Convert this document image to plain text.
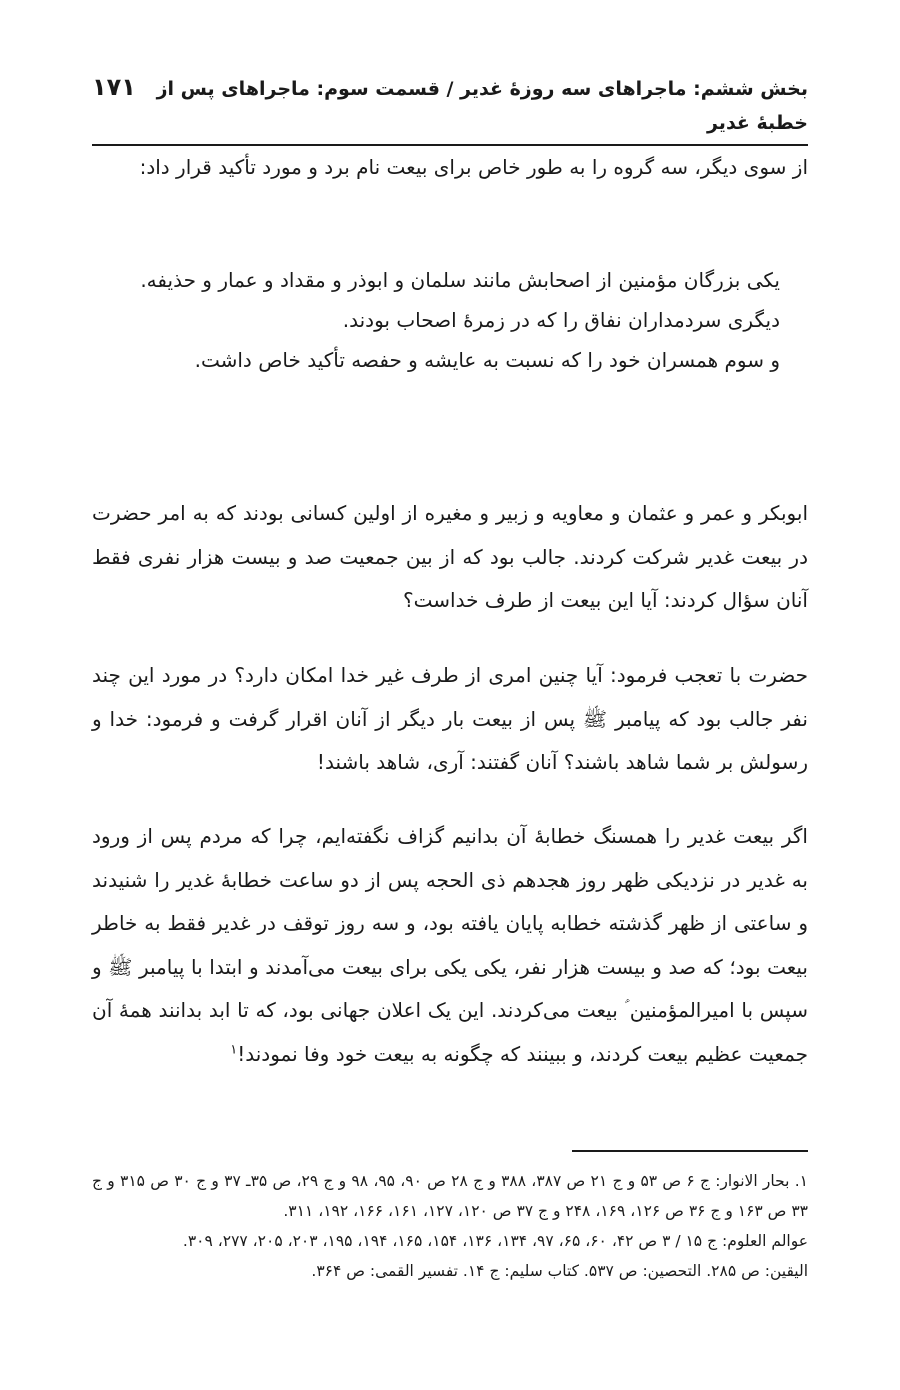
بخش ششم: ماجراهای سه روزهٔ غدیر / قسمت سوم: ماجراهای پس از خطبهٔ غدیر
۱۷۱

از سوی دیگر، سه گروه را به طور خاص برای بیعت نام برد و مورد تأکید قرار داد:

یکی بزرگان مؤمنین از اصحابش مانند سلمان و ابوذر و مقداد و عمار و حذیفه.
دیگری سردمداران نفاق را که در زمرهٔ اصحاب بودند.
و سوم همسران خود را که نسبت به عایشه و حفصه تأکید خاص داشت.

ابوبکر و عمر و عثمان و معاویه و زبیر و مغیره از اولین کسانی بودند که به امر حضرت در بیعت غدیر شرکت کردند. جالب بود که از بین جمعیت صد و بیست هزار نفری فقط آنان سؤال کردند: آیا این بیعت از طرف خداست؟

حضرت با تعجب فرمود: آیا چنین امری از طرف غیر خدا امکان دارد؟ در مورد این چند نفر جالب بود که پیامبر ﷺ پس از بیعت بار دیگر از آنان اقرار گرفت و فرمود: خدا و رسولش بر شما شاهد باشند؟ آنان گفتند: آری، شاهد باشند!

اگر بیعت غدیر را همسنگ خطابهٔ آن بدانیم گزاف نگفته‌ایم، چرا که مردم پس از ورود به غدیر در نزدیکی ظهر روز هجدهم ذی الحجه پس از دو ساعت خطابهٔ غدیر را شنیدند و ساعتی از ظهر گذشته خطابه پایان یافته بود، و سه روز توقف در غدیر فقط به خاطر بیعت بود؛ که صد و بیست هزار نفر، یکی یکی برای بیعت می‌آمدند و ابتدا با پیامبر ﷺ و سپس با امیرالمؤمنین ؑ بیعت می‌کردند. این یک اعلان جهانی بود، که تا ابد بدانند همهٔ آن جمعیت عظیم بیعت کردند، و ببینند که چگونه به بیعت خود وفا نمودند!$^۱$

۱. بحار الانوار: ج ۶ ص ۵۳ و ج ۲۱ ص ۳۸۷، ۳۸۸ و ج ۲۸ ص ۹۰، ۹۵، ۹۸ و ج ۲۹، ص ۳۵ـ ۳۷ و ج ۳۰ ص ۳۱۵ و ج ۳۳ ص ۱۶۳ و ج ۳۶ ص ۱۲۶، ۱۶۹، ۲۴۸ و ج ۳۷ ص ۱۲۰، ۱۲۷، ۱۶۱، ۱۶۶، ۱۹۲، ۳۱۱.

عوالم العلوم: ج ۱۵ / ۳ ص ۴۲، ۶۰، ۶۵، ۹۷، ۱۳۴، ۱۳۶، ۱۵۴، ۱۶۵، ۱۹۴، ۱۹۵، ۲۰۳، ۲۰۵، ۲۷۷، ۳۰۹.

الیقین: ص ۲۸۵. التحصین: ص ۵۳۷. کتاب سلیم: ج ۱۴. تفسیر القمی: ص ۳۶۴.
